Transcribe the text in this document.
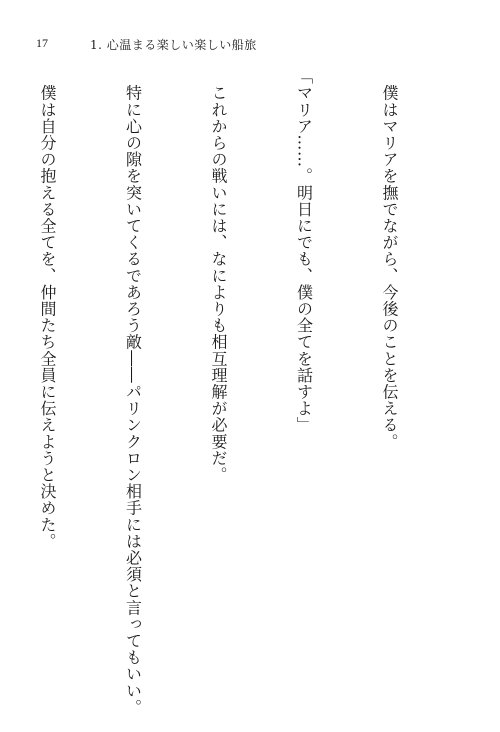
17	1. 心温まる楽しい楽しい船旅

　僕はマリアを撫でながら、今後のことを伝える。

「マリア……。明日にでも、僕の全てを話すよ」

　これからの戦いには、なによりも相互理解が必要だ。

　特に心の隙を突いてくるであろう敵――パリンクロン相手には必須と言ってもいい。

　僕は自分の抱える全てを、仲間たち全員に伝えようと決めた。
